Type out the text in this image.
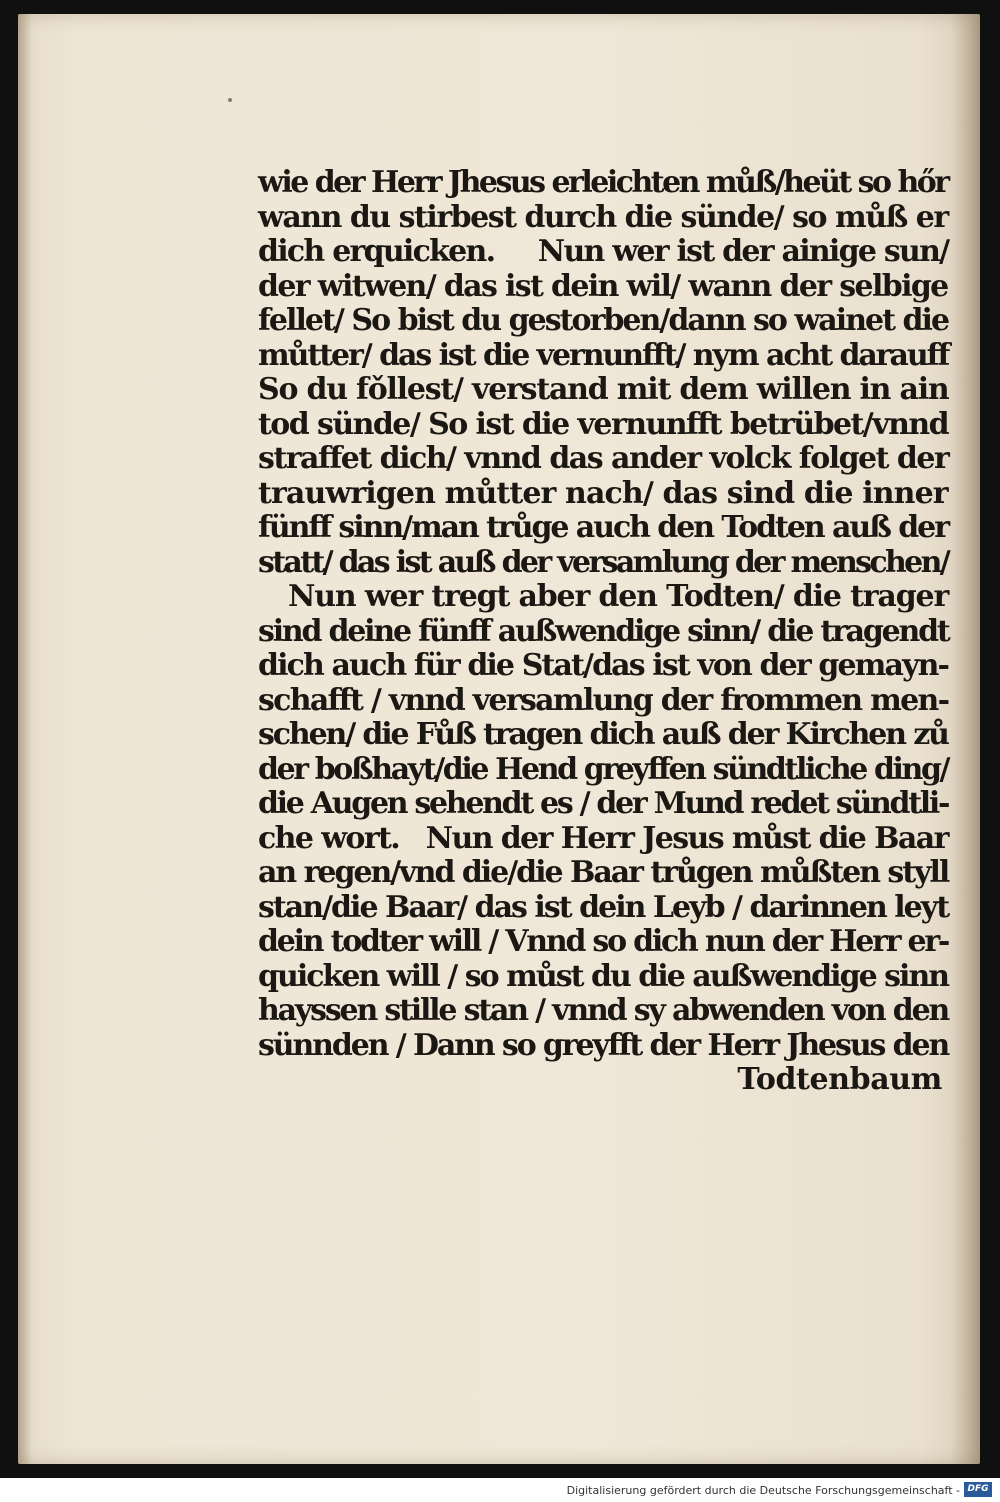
wie der Herr Jhesus erleichten můß/heüt so hőr
wann du stirbest durch die sünde/ so můß er
dich erquicken.     Nun wer ist der ainige sun/
der witwen/ das ist dein wil/ wann der selbige
fellet/ So bist du gestorben/dann so wainet die
můtter/ das ist die vernunfft/ nym acht darauff
So du fǒllest/ verstand mit dem willen in ain
tod sünde/ So ist die vernunfft betrübet/vnnd
straffet dich/ vnnd das ander volck folget der
trauwrigen můtter nach/ das sind die inner
fünff sinn/man trůge auch den Todten auß der
statt/ das ist auß der versamlung der menschen/
Nun wer tregt aber den Todten/ die trager
sind deine fünff außwendige sinn/ die tragendt
dich auch für die Stat/das ist von der gemayn-
schafft / vnnd versamlung der frommen men-
schen/ die Fůß tragen dich auß der Kirchen zů
der boßhayt/die Hend greyffen sündtliche ding/
die Augen sehendt es / der Mund redet sündtli-
che wort.   Nun der Herr Jesus můst die Baar
an regen/vnd die/die Baar trůgen můßten styll
stan/die Baar/ das ist dein Leyb / darinnen leyt
dein todter will / Vnnd so dich nun der Herr er-
quicken will / so můst du die außwendige sinn
hayssen stille stan / vnnd sy abwenden von den
sünnden / Dann so greyfft der Herr Jhesus den
Todtenbaum
Digitalisierung gefördert durch die Deutsche Forschungsgemeinschaft - DFG
